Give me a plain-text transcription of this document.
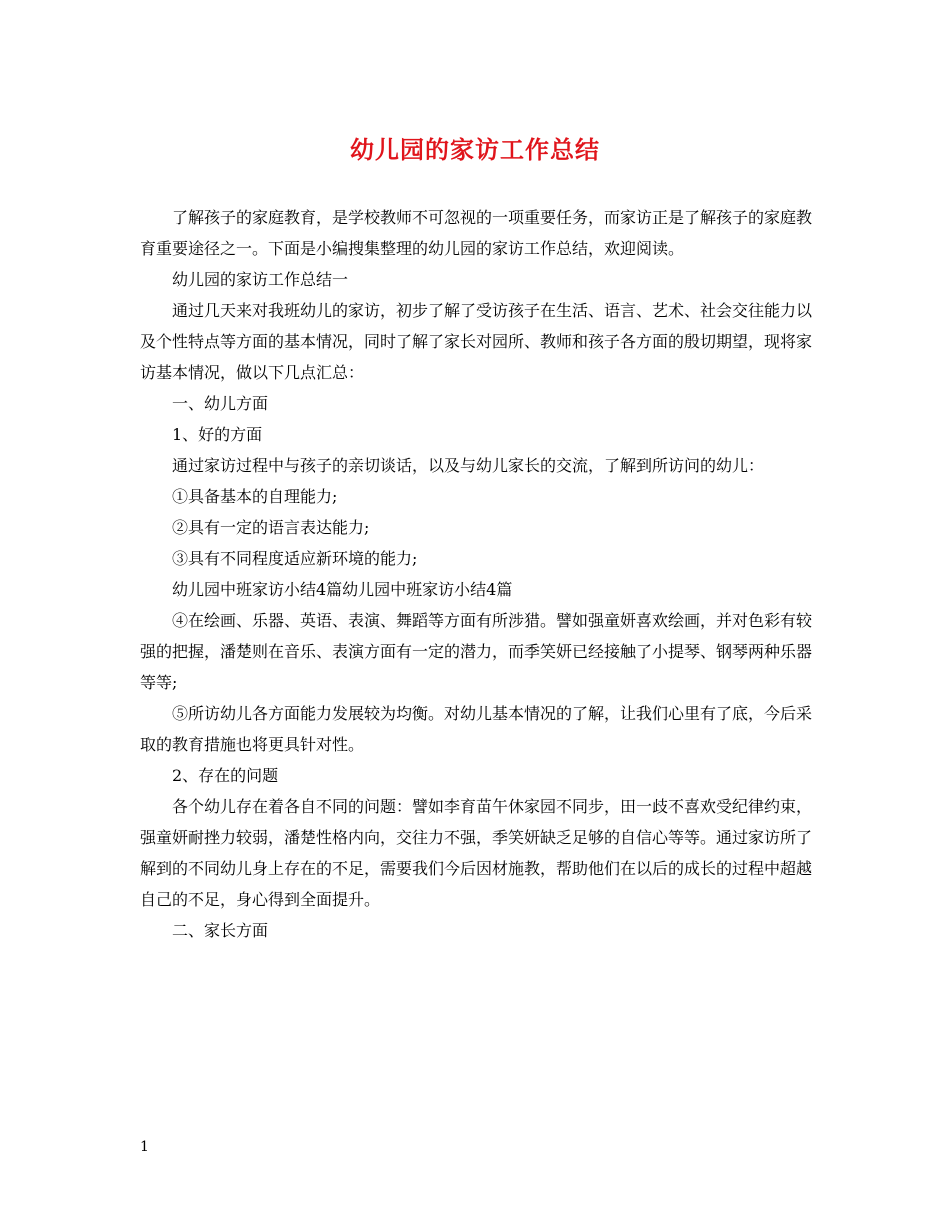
幼儿园的家访工作总结

了解孩子的家庭教育，是学校教师不可忽视的一项重要任务，而家访正是了解孩子的家庭教育重要途径之一。下面是小编搜集整理的幼儿园的家访工作总结，欢迎阅读。

幼儿园的家访工作总结一

通过几天来对我班幼儿的家访，初步了解了受访孩子在生活、语言、艺术、社会交往能力以及个性特点等方面的基本情况，同时了解了家长对园所、教师和孩子各方面的殷切期望，现将家访基本情况，做以下几点汇总：

一、幼儿方面

1、好的方面

通过家访过程中与孩子的亲切谈话，以及与幼儿家长的交流，了解到所访问的幼儿：

①具备基本的自理能力;

②具有一定的语言表达能力;

③具有不同程度适应新环境的能力;

幼儿园中班家访小结4篇幼儿园中班家访小结4篇

④在绘画、乐器、英语、表演、舞蹈等方面有所涉猎。譬如强童妍喜欢绘画，并对色彩有较强的把握，潘楚则在音乐、表演方面有一定的潜力，而季笑妍已经接触了小提琴、钢琴两种乐器等等;

⑤所访幼儿各方面能力发展较为均衡。对幼儿基本情况的了解，让我们心里有了底，今后采取的教育措施也将更具针对性。

2、存在的问题

各个幼儿存在着各自不同的问题：譬如李育苗午休家园不同步，田一歧不喜欢受纪律约束，强童妍耐挫力较弱，潘楚性格内向，交往力不强，季笑妍缺乏足够的自信心等等。通过家访所了解到的不同幼儿身上存在的不足，需要我们今后因材施教，帮助他们在以后的成长的过程中超越自己的不足，身心得到全面提升。

二、家长方面

1
